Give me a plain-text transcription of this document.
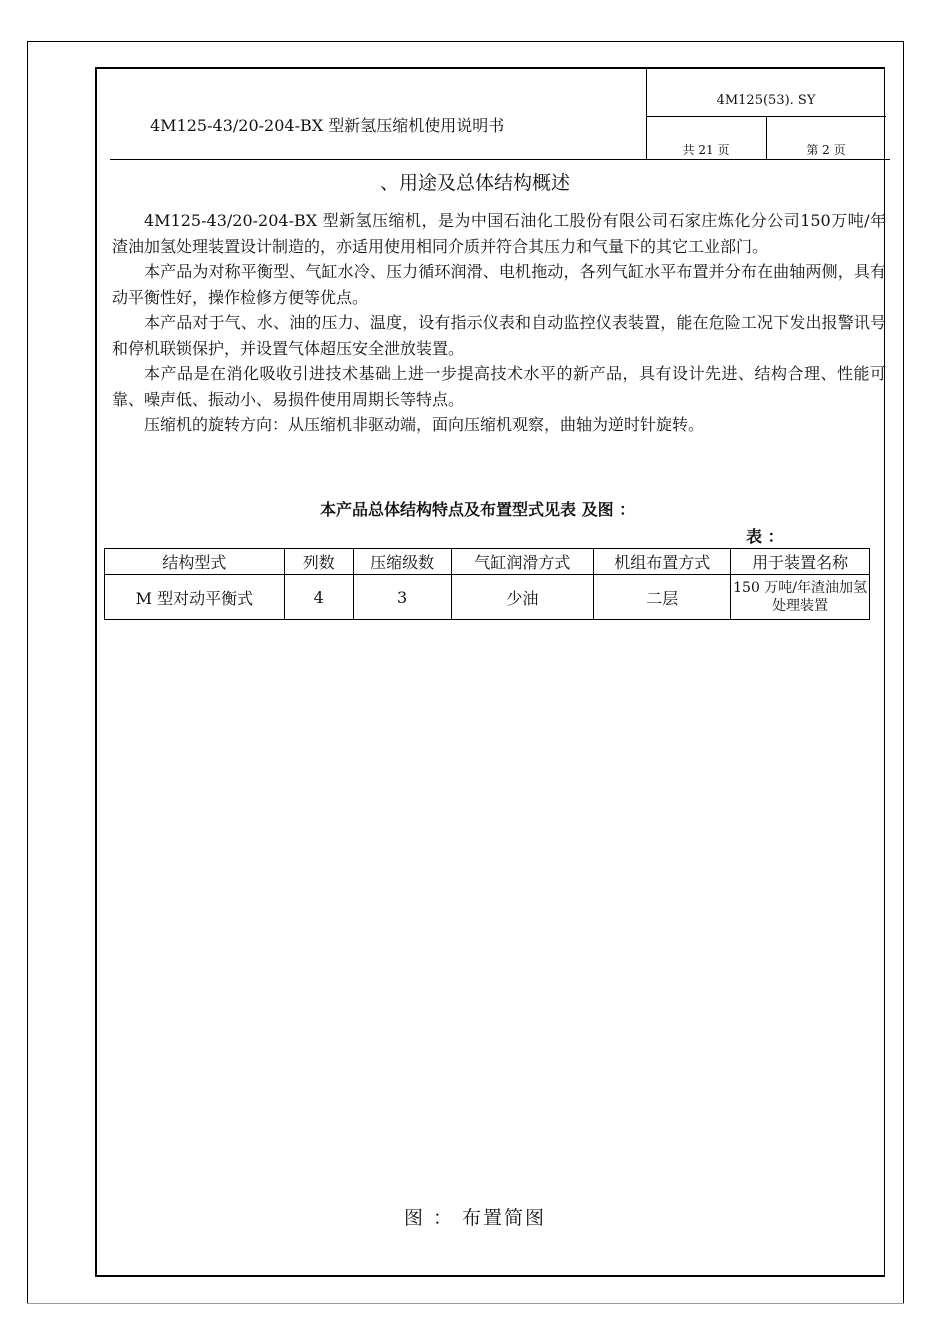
4M125-43/20-204-BX 型新氢压缩机使用说明书
4M125(53). SY
共 21 页	第 2 页
、用途及总体结构概述

4M125-43/20-204-BX 型新氢压缩机，是为中国石油化工股份有限公司石家庄炼化分公司150万吨/年渣油加氢处理装置设计制造的，亦适用使用相同介质并符合其压力和气量下的其它工业部门。

本产品为对称平衡型、气缸水冷、压力循环润滑、电机拖动，各列气缸水平布置并分布在曲轴两侧，具有动平衡性好，操作检修方便等优点。

本产品对于气、水、油的压力、温度，设有指示仪表和自动监控仪表装置，能在危险工况下发出报警讯号和停机联锁保护，并设置气体超压安全泄放装置。

本产品是在消化吸收引进技术基础上进一步提高技术水平的新产品，具有设计先进、结构合理、性能可靠、噪声低、振动小、易损件使用周期长等特点。

压缩机的旋转方向：从压缩机非驱动端，面向压缩机观察，曲轴为逆时针旋转。

本产品总体结构特点及布置型式见表 及图 ：
表 ：
结构型式	列数	压缩级数	气缸润滑方式	机组布置方式	用于装置名称
M 型对动平衡式	4	3	少油	二层	150 万吨/年渣油加氢处理装置
图 ： 布置简图
